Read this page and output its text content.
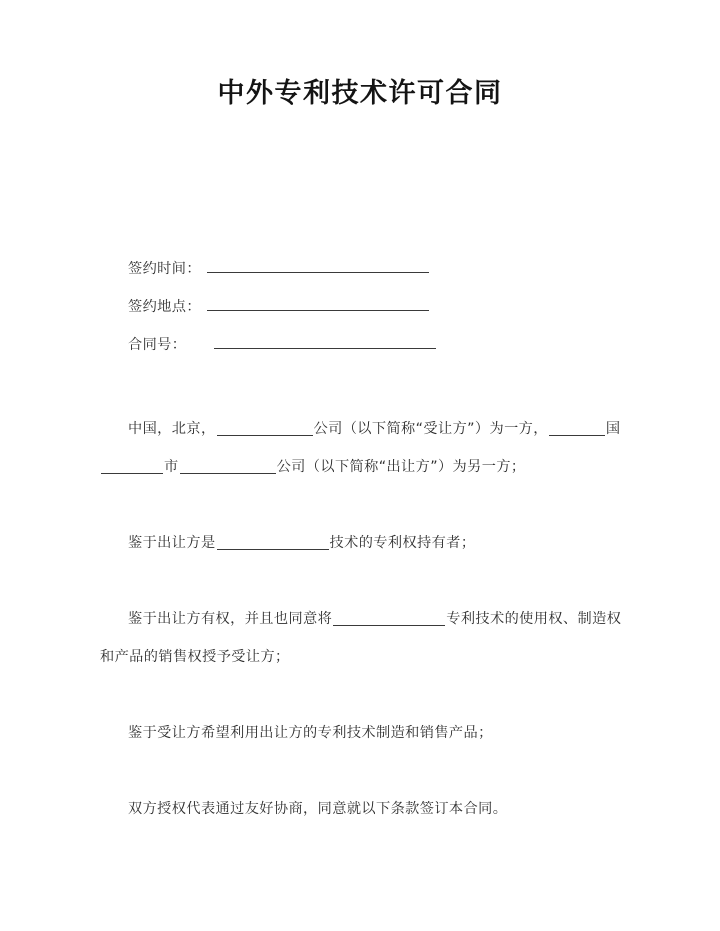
中外专利技术许可合同
签约时间：
签约地点：
合同号：

中国，北京，	公司（以下简称“受让方”）为一方，	国市	公司（以下简称“出让方”）为另一方；

鉴于出让方是	技术的专利权持有者；

鉴于出让方有权，并且也同意将	专利技术的使用权、制造权和产品的销售权授予受让方；

鉴于受让方希望利用出让方的专利技术制造和销售产品；

双方授权代表通过友好协商，同意就以下条款签订本合同。
